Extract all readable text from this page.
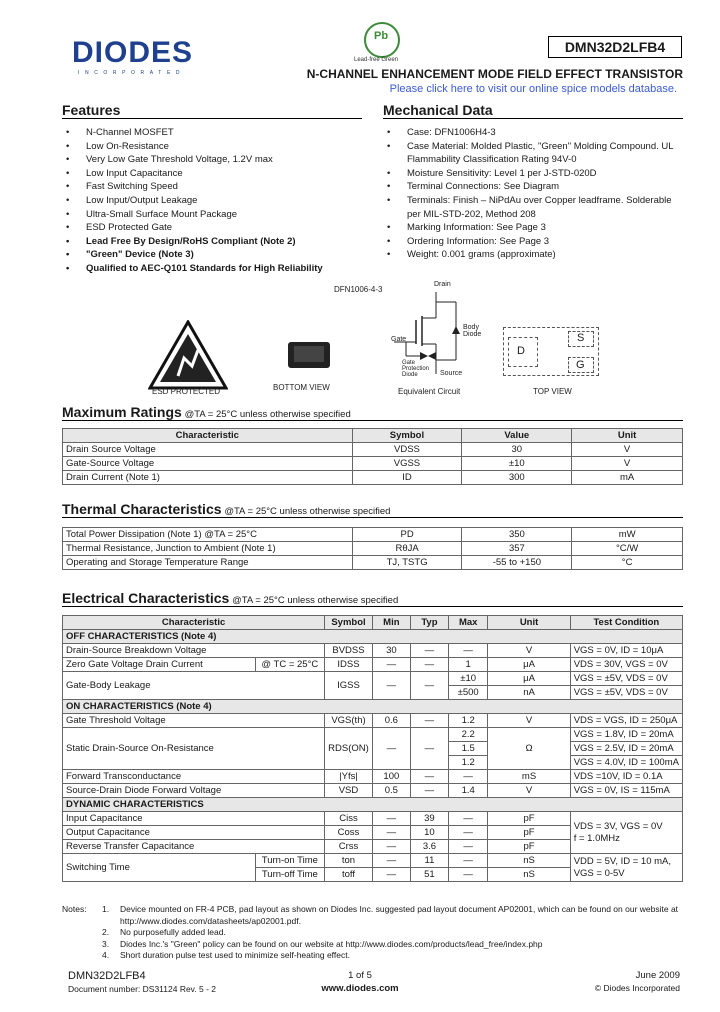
DIODES
INCORPORATED
Pb
Lead-free Green
DMN32D2LFB4
N-CHANNEL ENHANCEMENT MODE FIELD EFFECT TRANSISTOR
Please click here to visit our online spice models database.
Features
• N-Channel MOSFET
• Low On-Resistance
• Very Low Gate Threshold Voltage, 1.2V max
• Low Input Capacitance
• Fast Switching Speed
• Low Input/Output Leakage
• Ultra-Small Surface Mount Package
• ESD Protected Gate
• Lead Free By Design/RoHS Compliant (Note 2)
• "Green" Device (Note 3)
• Qualified to AEC-Q101 Standards for High Reliability
Mechanical Data
• Case: DFN1006H4-3
• Case Material: Molded Plastic, "Green" Molding Compound. UL Flammability Classification Rating 94V-0
• Moisture Sensitivity: Level 1 per J-STD-020D
• Terminal Connections: See Diagram
• Terminals: Finish – NiPdAu over Copper leadframe. Solderable per MIL-STD-202, Method 208
• Marking Information: See Page 3
• Ordering Information: See Page 3
• Weight: 0.001 grams (approximate)
ESD PROTECTED
DFN1006-4-3
BOTTOM VIEW
Drain
Gate
Body Diode
Gate Protection Diode	Source
Equivalent Circuit
D
S
G
TOP VIEW
Maximum Ratings @TA = 25°C unless otherwise specified
Characteristic	Symbol	Value	Unit
Drain Source Voltage	VDSS	30	V
Gate-Source Voltage	VGSS	±10	V
Drain Current (Note 1)	ID	300	mA
Thermal Characteristics @TA = 25°C unless otherwise specified
Total Power Dissipation (Note 1) @TA = 25°C	PD	350	mW
Thermal Resistance, Junction to Ambient (Note 1)	RθJA	357	°C/W
Operating and Storage Temperature Range	TJ, TSTG	-55 to +150	°C
Electrical Characteristics @TA = 25°C unless otherwise specified
Characteristic		Symbol	Min	Typ	Max	Unit	Test Condition
OFF CHARACTERISTICS (Note 4)							
Drain-Source Breakdown Voltage		BVDSS	30	—	—	V	VGS = 0V, ID = 10μA
Zero Gate Voltage Drain Current	@ TC = 25°C	IDSS	—	—	1	μA	VDS = 30V, VGS = 0V
Gate-Body Leakage		IGSS	—	—	±10	μA	VGS = ±5V, VDS = 0V
					±500	nA	VGS = ±5V, VDS = 0V
ON CHARACTERISTICS (Note 4)							
Gate Threshold Voltage		VGS(th)	0.6	—	1.2	V	VDS = VGS, ID = 250μA
Static Drain-Source On-Resistance		RDS(ON)	—	—	2.2	Ω	VGS = 1.8V, ID = 20mA
					1.5		VGS = 2.5V, ID = 20mA
					1.2		VGS = 4.0V, ID = 100mA
Forward Transconductance		|Yfs|	100	—	—	mS	VDS =10V, ID = 0.1A
Source-Drain Diode Forward Voltage		VSD	0.5	—	1.4	V	VGS = 0V, IS = 115mA
DYNAMIC CHARACTERISTICS							
Input Capacitance		Ciss	—	39	—	pF	VDS = 3V, VGS = 0V
f = 1.0MHz

Output Capacitance		Coss	—	10	—	pF	
Reverse Transfer Capacitance		Crss	—	3.6	—	pF	
Switching Time	Turn-on Time	ton	—	11	—	nS	VDD = 5V, ID = 10 mA,
VGS = 0-5V

	Turn-off Time	toff	—	51	—	nS	
Notes: 1. Device mounted on FR-4 PCB, pad layout as shown on Diodes Inc. suggested pad layout document AP02001, which can be found on our website at
http://www.diodes.com/datasheets/ap02001.pdf.
2. No purposefully added lead.
3. Diodes Inc.'s "Green" policy can be found on our website at http://www.diodes.com/products/lead_free/index.php
4. Short duration pulse test used to minimize self-heating effect.
DMN32D2LFB4
Document number: DS31124 Rev. 5 - 2
1 of 5
www.diodes.com
June 2009
© Diodes Incorporated
